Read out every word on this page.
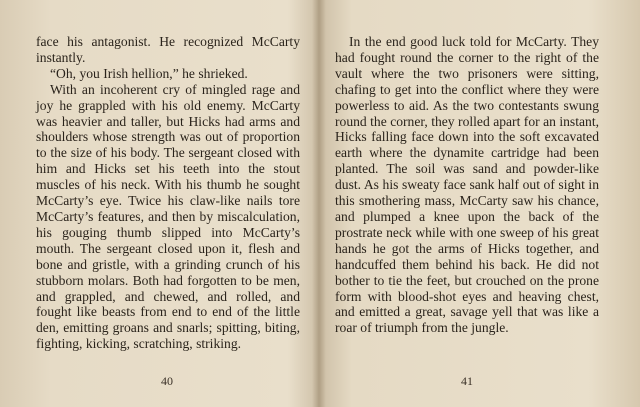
face his antagonist. He recognized McCarty instantly.

“Oh, you Irish hellion,” he shrieked.

With an incoherent cry of mingled rage and joy he grappled with his old enemy. McCarty was heavier and taller, but Hicks had arms and shoulders whose strength was out of proportion to the size of his body. The sergeant closed with him and Hicks set his teeth into the stout muscles of his neck. With his thumb he sought McCarty’s eye. Twice his claw-like nails tore McCarty’s features, and then by miscalculation, his gouging thumb slipped into McCarty’s mouth. The sergeant closed upon it, flesh and bone and gristle, with a grinding crunch of his stubborn molars. Both had forgotten to be men, and grappled, and chewed, and rolled, and fought like beasts from end to end of the little den, emitting groans and snarls; spitting, biting, fighting, kicking, scratching, striking.

In the end good luck told for McCarty. They had fought round the corner to the right of the vault where the two prisoners were sitting, chafing to get into the conflict where they were powerless to aid. As the two contestants swung round the corner, they rolled apart for an instant, Hicks falling face down into the soft excavated earth where the dynamite cartridge had been planted. The soil was sand and powder-like dust. As his sweaty face sank half out of sight in this smothering mass, McCarty saw his chance, and plumped a knee upon the back of the prostrate neck while with one sweep of his great hands he got the arms of Hicks together, and handcuffed them behind his back. He did not bother to tie the feet, but crouched on the prone form with blood-shot eyes and heaving chest, and emitted a great, savage yell that was like a roar of triumph from the jungle.

40	41
